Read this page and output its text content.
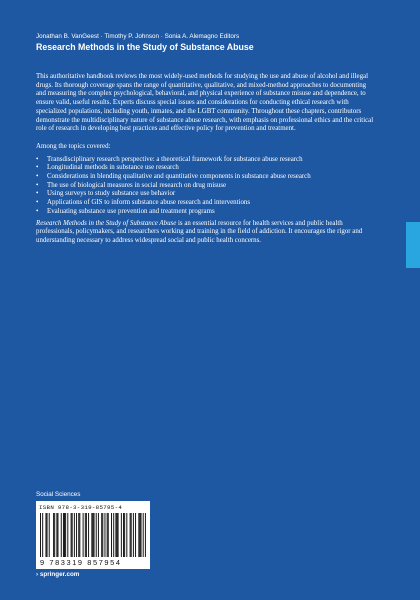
Jonathan B. VanGeest · Timothy P. Johnson · Sonia A. Alemagno Editors
Research Methods in the Study of Substance Abuse

This authoritative handbook reviews the most widely-used methods for studying the use and abuse of alcohol and illegal drugs. Its thorough coverage spans the range of quantitative, qualitative, and mixed-method approaches to documenting and measuring the complex psychological, behavioral, and physical experience of substance misuse and dependence, to ensure valid, useful results. Experts discuss special issues and considerations for conducting ethical research with specialized populations, including youth, inmates, and the LGBT community. Throughout these chapters, contributors demonstrate the multidisciplinary nature of substance abuse research, with emphasis on professional ethics and the critical role of research in developing best practices and effective policy for prevention and treatment.

Among the topics covered:

• Transdisciplinary research perspective: a theoretical framework for substance abuse research
• Longitudinal methods in substance use research
• Considerations in blending qualitative and quantitative components in substance abuse research
• The use of biological measures in social research on drug misuse
• Using surveys to study substance use behavior
• Applications of GIS to inform substance abuse research and interventions
• Evaluating substance use prevention and treatment programs

Research Methods in the Study of Substance Abuse is an essential resource for health services and public health professionals, policymakers, and researchers working and training in the field of addiction. It encourages the rigor and understanding necessary to address widespread social and public health concerns.

Social Sciences
ISBN 978-3-319-85795-4
9 783319 857954
› springer.com
